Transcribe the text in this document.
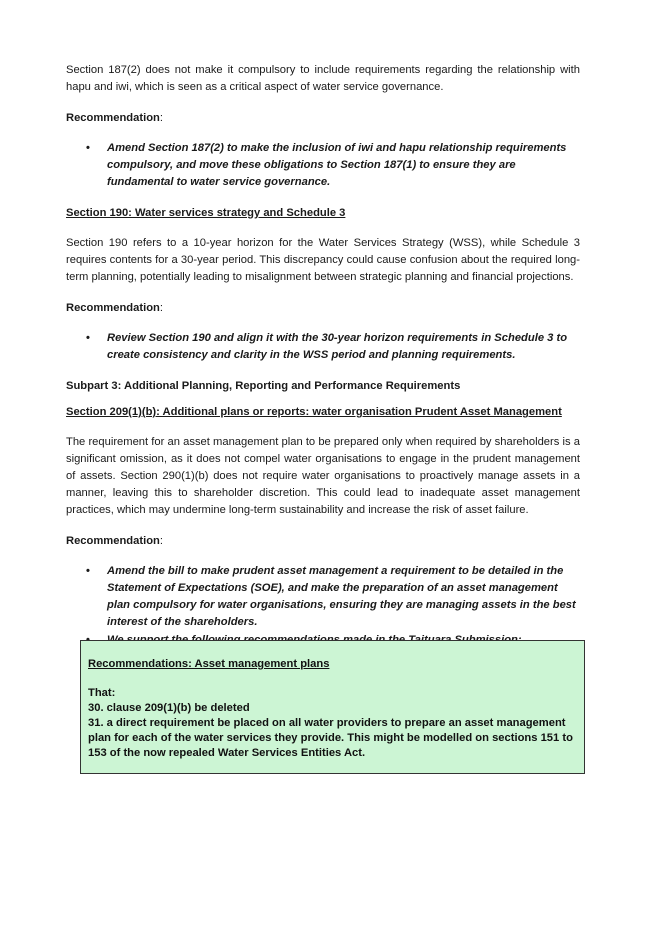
Section 187(2) does not make it compulsory to include requirements regarding the relationship with hapu and iwi, which is seen as a critical aspect of water service governance.

Recommendation:

• Amend Section 187(2) to make the inclusion of iwi and hapu relationship requirements compulsory, and move these obligations to Section 187(1) to ensure they are fundamental to water service governance.

Section 190: Water services strategy and Schedule 3

Section 190 refers to a 10-year horizon for the Water Services Strategy (WSS), while Schedule 3 requires contents for a 30-year period. This discrepancy could cause confusion about the required long-term planning, potentially leading to misalignment between strategic planning and financial projections.

Recommendation:

• Review Section 190 and align it with the 30-year horizon requirements in Schedule 3 to create consistency and clarity in the WSS period and planning requirements.

Subpart 3: Additional Planning, Reporting and Performance Requirements

Section 209(1)(b): Additional plans or reports: water organisation Prudent Asset Management

The requirement for an asset management plan to be prepared only when required by shareholders is a significant omission, as it does not compel water organisations to engage in the prudent management of assets. Section 290(1)(b) does not require water organisations to proactively manage assets in a manner, leaving this to shareholder discretion. This could lead to inadequate asset management practices, which may undermine long-term sustainability and increase the risk of asset failure.

Recommendation:

• Amend the bill to make prudent asset management a requirement to be detailed in the Statement of Expectations (SOE), and make the preparation of an asset management plan compulsory for water organisations, ensuring they are managing assets in the best interest of the shareholders.
Recommendations: Asset management plans
That:
30. clause 209(1)(b) be deleted
31. a direct requirement be placed on all water providers to prepare an asset management plan for each of the water services they provide. This might be modelled on sections 151 to 153 of the now repealed Water Services Entities Act.
